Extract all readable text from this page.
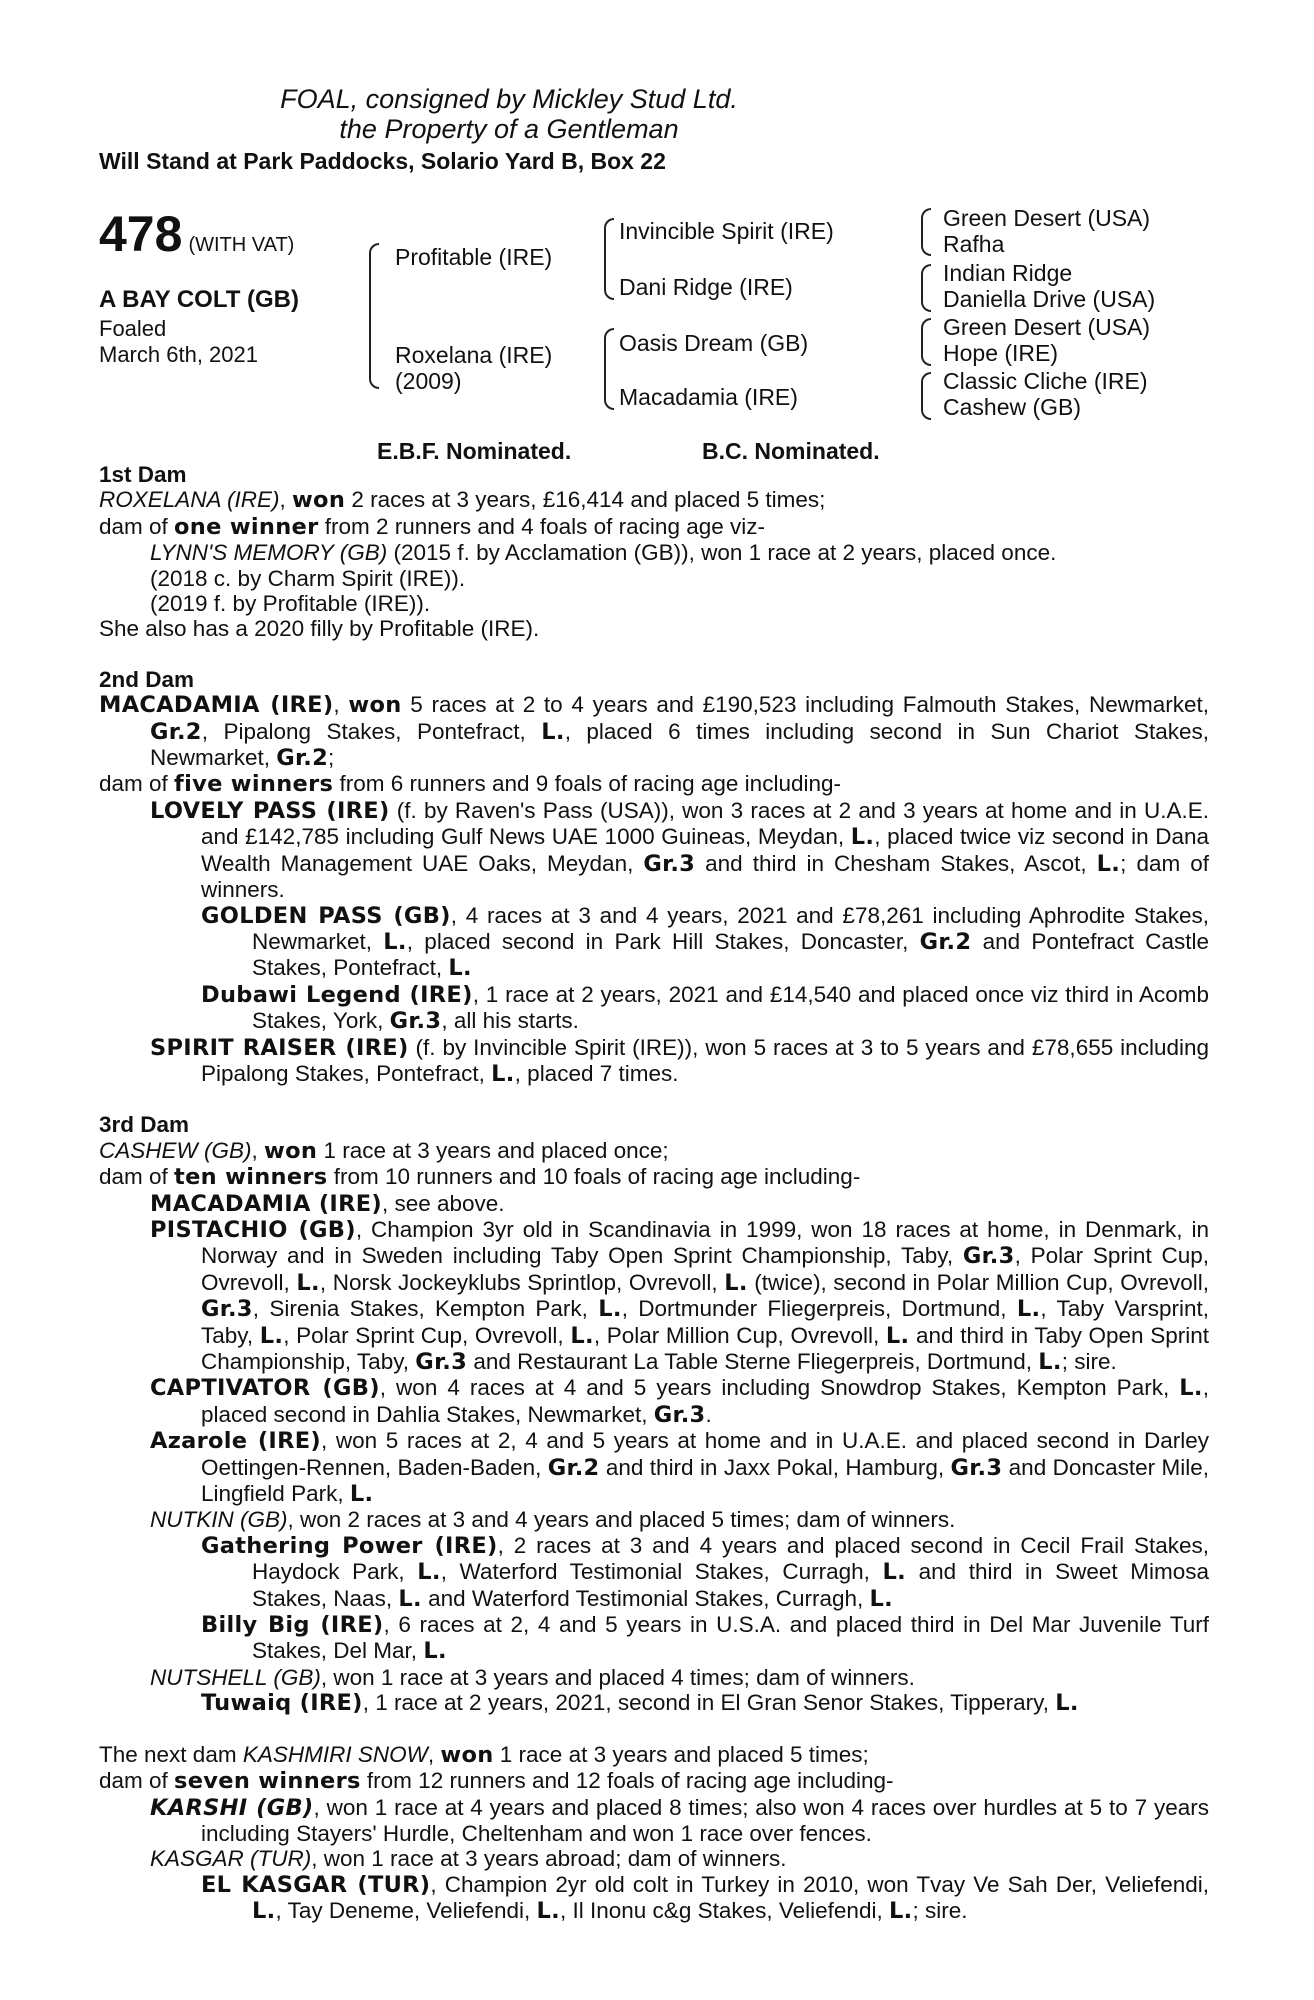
FOAL, consigned by Mickley Stud Ltd.
the Property of a Gentleman
Will Stand at Park Paddocks, Solario Yard B, Box 22
478 (WITH VAT)
A BAY COLT (GB)
Foaled
March 6th, 2021
Profitable (IRE)
Roxelana (IRE)
(2009)
Invincible Spirit (IRE)
Dani Ridge (IRE)
Oasis Dream (GB)
Macadamia (IRE)
Green Desert (USA)
Rafha
Indian Ridge
Daniella Drive (USA)
Green Desert (USA)
Hope (IRE)
Classic Cliche (IRE)
Cashew (GB)
E.B.F. Nominated.	B.C. Nominated.

1st Dam

ROXELANA (IRE), won 2 races at 3 years, £16,414 and placed 5 times;

dam of one winner from 2 runners and 4 foals of racing age viz-

LYNN'S MEMORY (GB) (2015 f. by Acclamation (GB)), won 1 race at 2 years, placed once.

(2018 c. by Charm Spirit (IRE)).

(2019 f. by Profitable (IRE)).

She also has a 2020 filly by Profitable (IRE).

2nd Dam

MACADAMIA (IRE), won 5 races at 2 to 4 years and £190,523 including Falmouth Stakes, Newmarket, Gr.2, Pipalong Stakes, Pontefract, L., placed 6 times including second in Sun Chariot Stakes, Newmarket, Gr.2;

dam of five winners from 6 runners and 9 foals of racing age including-

LOVELY PASS (IRE) (f. by Raven's Pass (USA)), won 3 races at 2 and 3 years at home and in U.A.E. and £142,785 including Gulf News UAE 1000 Guineas, Meydan, L., placed twice viz second in Dana Wealth Management UAE Oaks, Meydan, Gr.3 and third in Chesham Stakes, Ascot, L.; dam of winners.

GOLDEN PASS (GB), 4 races at 3 and 4 years, 2021 and £78,261 including Aphrodite Stakes, Newmarket, L., placed second in Park Hill Stakes, Doncaster, Gr.2 and Pontefract Castle Stakes, Pontefract, L.

Dubawi Legend (IRE), 1 race at 2 years, 2021 and £14,540 and placed once viz third in Acomb Stakes, York, Gr.3, all his starts.

SPIRIT RAISER (IRE) (f. by Invincible Spirit (IRE)), won 5 races at 3 to 5 years and £78,655 including Pipalong Stakes, Pontefract, L., placed 7 times.

3rd Dam

CASHEW (GB), won 1 race at 3 years and placed once;

dam of ten winners from 10 runners and 10 foals of racing age including-

MACADAMIA (IRE), see above.

PISTACHIO (GB), Champion 3yr old in Scandinavia in 1999, won 18 races at home, in Denmark, in Norway and in Sweden including Taby Open Sprint Championship, Taby, Gr.3, Polar Sprint Cup, Ovrevoll, L., Norsk Jockeyklubs Sprintlop, Ovrevoll, L. (twice), second in Polar Million Cup, Ovrevoll, Gr.3, Sirenia Stakes, Kempton Park, L., Dortmunder Fliegerpreis, Dortmund, L., Taby Varsprint, Taby, L., Polar Sprint Cup, Ovrevoll, L., Polar Million Cup, Ovrevoll, L. and third in Taby Open Sprint Championship, Taby, Gr.3 and Restaurant La Table Sterne Fliegerpreis, Dortmund, L.; sire.

CAPTIVATOR (GB), won 4 races at 4 and 5 years including Snowdrop Stakes, Kempton Park, L., placed second in Dahlia Stakes, Newmarket, Gr.3.

Azarole (IRE), won 5 races at 2, 4 and 5 years at home and in U.A.E. and placed second in Darley Oettingen-Rennen, Baden-Baden, Gr.2 and third in Jaxx Pokal, Hamburg, Gr.3 and Doncaster Mile, Lingfield Park, L.

NUTKIN (GB), won 2 races at 3 and 4 years and placed 5 times; dam of winners.

Gathering Power (IRE), 2 races at 3 and 4 years and placed second in Cecil Frail Stakes, Haydock Park, L., Waterford Testimonial Stakes, Curragh, L. and third in Sweet Mimosa Stakes, Naas, L. and Waterford Testimonial Stakes, Curragh, L.

Billy Big (IRE), 6 races at 2, 4 and 5 years in U.S.A. and placed third in Del Mar Juvenile Turf Stakes, Del Mar, L.

NUTSHELL (GB), won 1 race at 3 years and placed 4 times; dam of winners.

Tuwaiq (IRE), 1 race at 2 years, 2021, second in El Gran Senor Stakes, Tipperary, L.

The next dam KASHMIRI SNOW, won 1 race at 3 years and placed 5 times;

dam of seven winners from 12 runners and 12 foals of racing age including-

KARSHI (GB), won 1 race at 4 years and placed 8 times; also won 4 races over hurdles at 5 to 7 years including Stayers' Hurdle, Cheltenham and won 1 race over fences.

KASGAR (TUR), won 1 race at 3 years abroad; dam of winners.

EL KASGAR (TUR), Champion 2yr old colt in Turkey in 2010, won Tvay Ve Sah Der, Veliefendi, L., Tay Deneme, Veliefendi, L., Il Inonu c&g Stakes, Veliefendi, L.; sire.
